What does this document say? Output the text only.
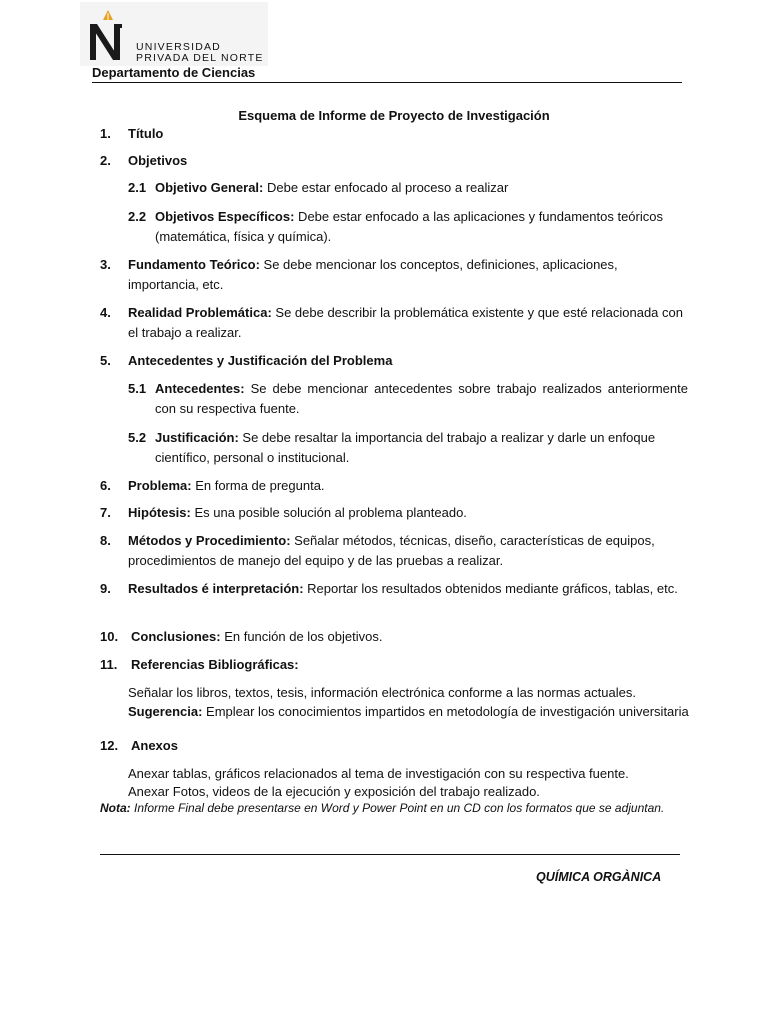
UNIVERSIDAD
PRIVADA DEL NORTE
Departamento de Ciencias
Esquema de Informe de Proyecto de Investigación
1. Título
2. Objetivos
2.1 Objetivo General: Debe estar enfocado al proceso a realizar
2.2 Objetivos Específicos: Debe estar enfocado a las aplicaciones y fundamentos teóricos (matemática, física y química).
3. Fundamento Teórico: Se debe mencionar los conceptos, definiciones, aplicaciones, importancia, etc.
4. Realidad Problemática: Se debe describir la problemática existente y que esté relacionada con el trabajo a realizar.
5. Antecedentes y Justificación del Problema
5.1 Antecedentes: Se debe mencionar antecedentes sobre trabajo realizados anteriormente con su respectiva fuente.
5.2 Justificación: Se debe resaltar la importancia del trabajo a realizar y darle un enfoque científico, personal o institucional.
6. Problema: En forma de pregunta.
7. Hipótesis: Es una posible solución al problema planteado.
8. Métodos y Procedimiento: Señalar métodos, técnicas, diseño, características de equipos, procedimientos de manejo del equipo y de las pruebas a realizar.
9. Resultados é interpretación: Reportar los resultados obtenidos mediante gráficos, tablas, etc.
10. Conclusiones: En función de los objetivos.
11. Referencias Bibliográficas:
Señalar los libros, textos, tesis, información electrónica conforme a las normas actuales.
Sugerencia: Emplear los conocimientos impartidos en metodología de investigación universitaria
12. Anexos
Anexar tablas, gráficos relacionados al tema de investigación con su respectiva fuente.
Anexar Fotos, videos de la ejecución y exposición del trabajo realizado.
Nota: Informe Final debe presentarse en Word y Power Point en un CD con los formatos que se adjuntan.
QUÍMICA ORGÀNICA
